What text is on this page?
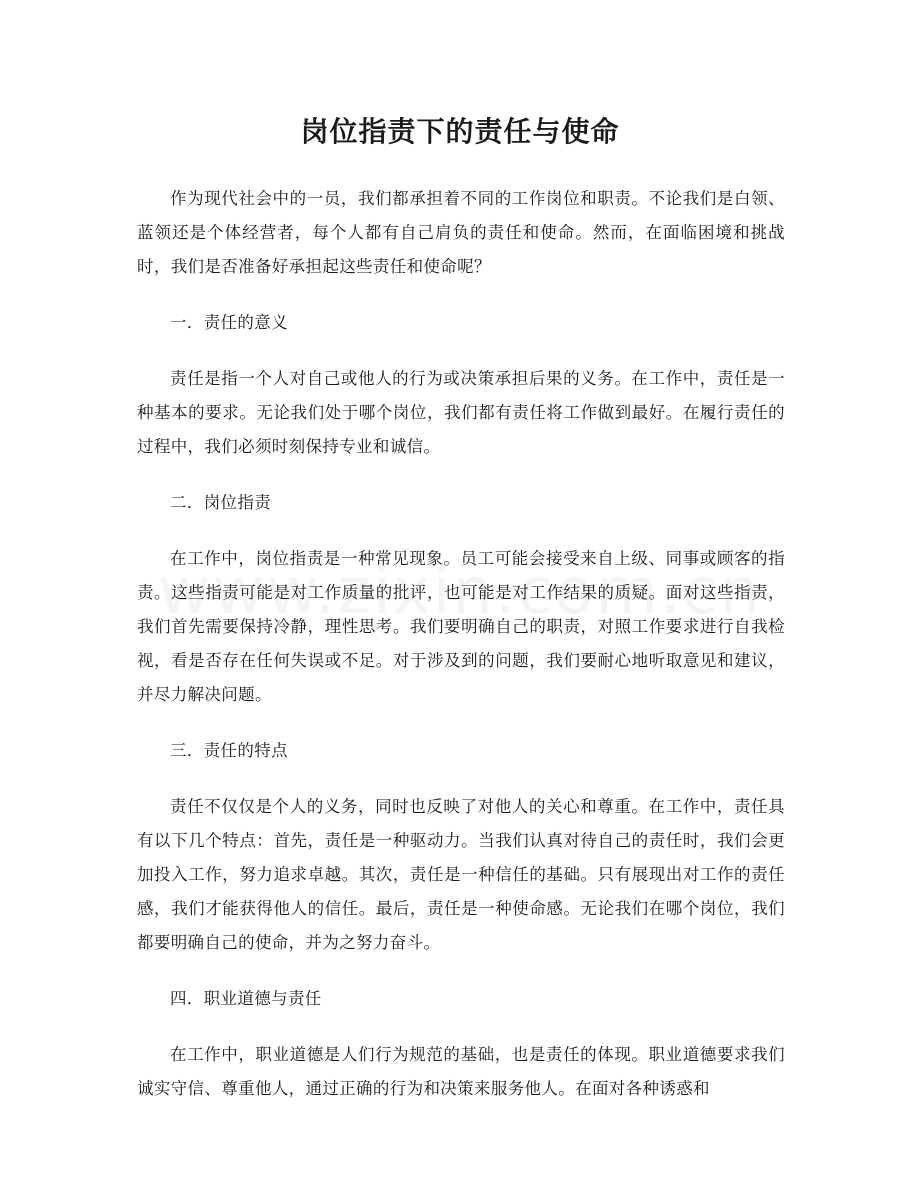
岗位指责下的责任与使命

作为现代社会中的一员，我们都承担着不同的工作岗位和职责。不论我们是白领、蓝领还是个体经营者，每个人都有自己肩负的责任和使命。然而，在面临困境和挑战时，我们是否准备好承担起这些责任和使命呢？

一．责任的意义

责任是指一个人对自己或他人的行为或决策承担后果的义务。在工作中，责任是一种基本的要求。无论我们处于哪个岗位，我们都有责任将工作做到最好。在履行责任的过程中，我们必须时刻保持专业和诚信。

二．岗位指责

在工作中，岗位指责是一种常见现象。员工可能会接受来自上级、同事或顾客的指责。这些指责可能是对工作质量的批评，也可能是对工作结果的质疑。面对这些指责，我们首先需要保持冷静，理性思考。我们要明确自己的职责，对照工作要求进行自我检视，看是否存在任何失误或不足。对于涉及到的问题，我们要耐心地听取意见和建议，并尽力解决问题。

三．责任的特点

责任不仅仅是个人的义务，同时也反映了对他人的关心和尊重。在工作中，责任具有以下几个特点：首先，责任是一种驱动力。当我们认真对待自己的责任时，我们会更加投入工作，努力追求卓越。其次，责任是一种信任的基础。只有展现出对工作的责任感，我们才能获得他人的信任。最后，责任是一种使命感。无论我们在哪个岗位，我们都要明确自己的使命，并为之努力奋斗。

四．职业道德与责任

在工作中，职业道德是人们行为规范的基础，也是责任的体现。职业道德要求我们诚实守信、尊重他人，通过正确的行为和决策来服务他人。在面对各种诱惑和
